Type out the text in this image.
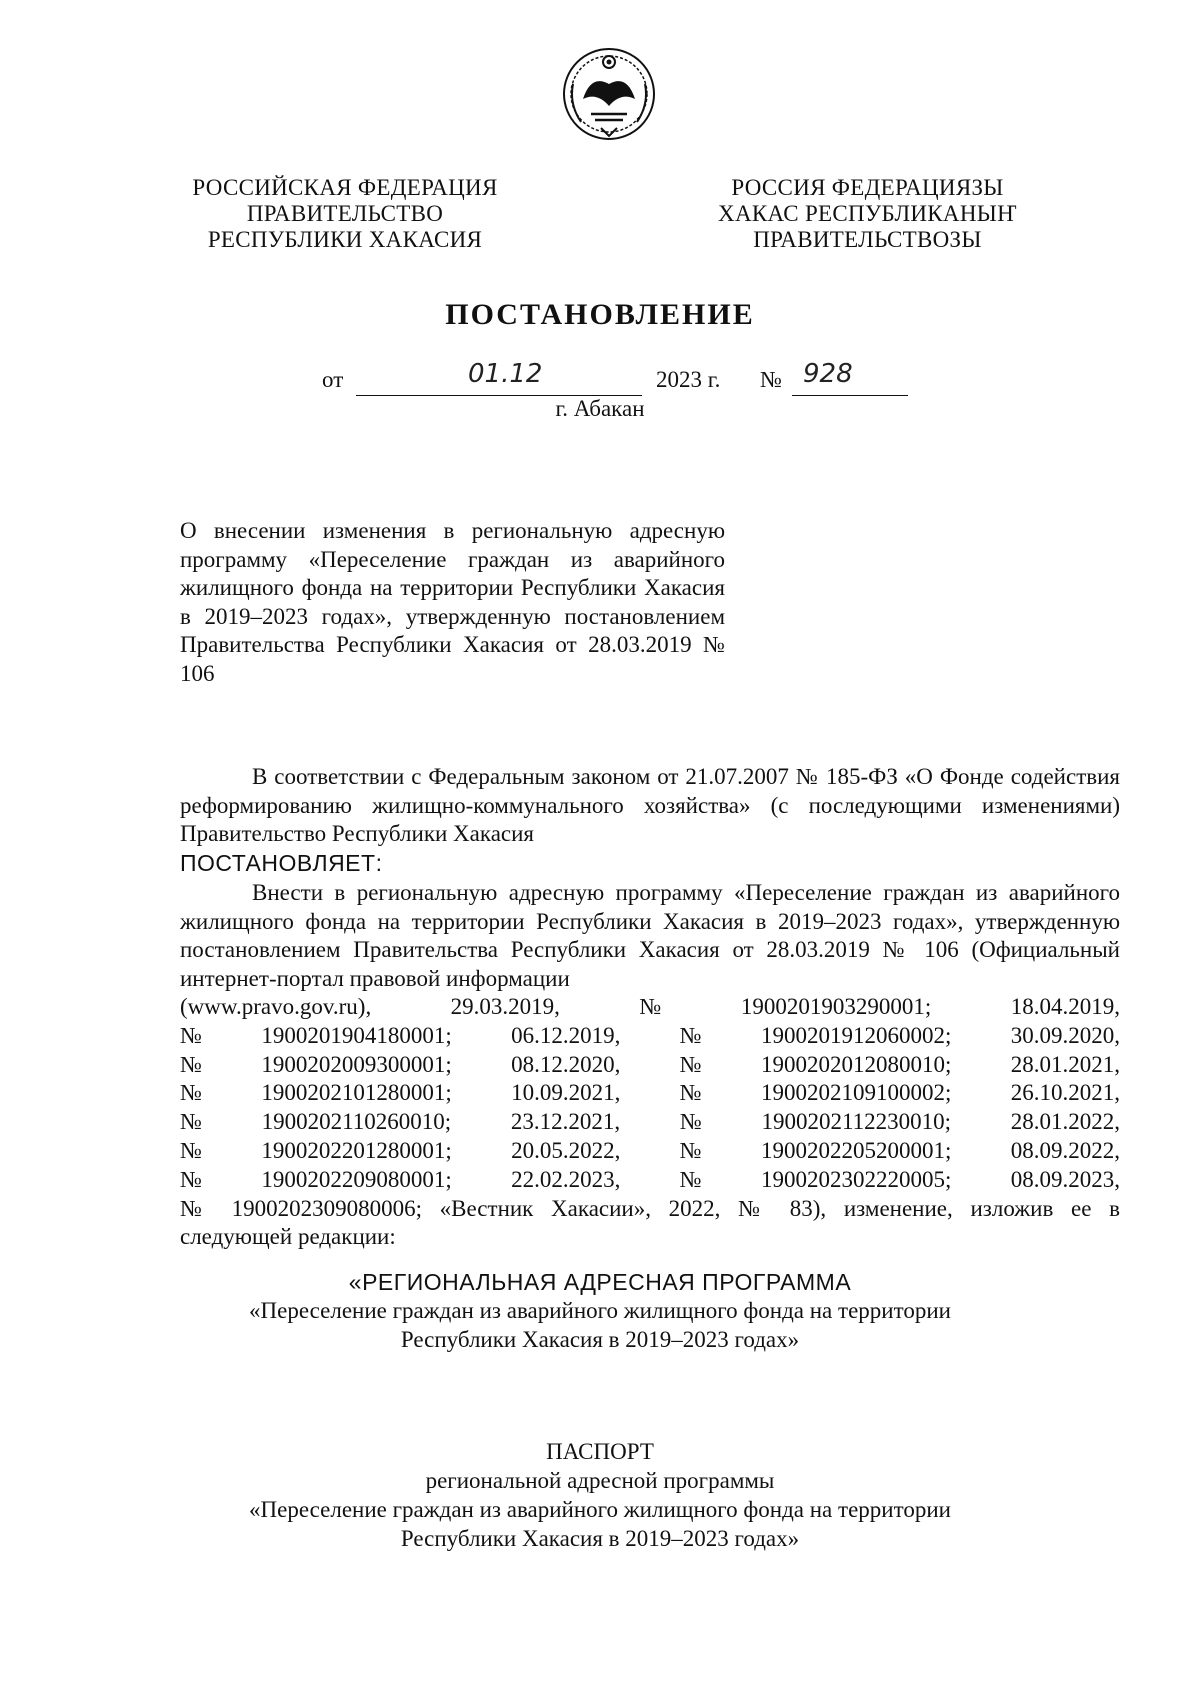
РОССИЙСКАЯ ФЕДЕРАЦИЯ
ПРАВИТЕЛЬСТВО
РЕСПУБЛИКИ ХАКАСИЯ
РОССИЯ ФЕДЕРАЦИЯЗЫ
ХАКАС РЕСПУБЛИКАНЫҤ
ПРАВИТЕЛЬСТВОЗЫ
ПОСТАНОВЛЕНИЕ
от	01.12	2023 г. № 928
г. Абакан
О внесении изменения в региональную адресную программу «Переселение граждан из аварийного жилищного фонда на территории Республики Хакасия в 2019–2023 годах», утвержденную постановлением Правительства Республики Хакасия от 28.03.2019 № 106

В соответствии с Федеральным законом от 21.07.2007 № 185-ФЗ «О Фонде содействия реформированию жилищно-коммунального хозяйства» (с последующими изменениями) Правительство Республики Хакасия

ПОСТАНОВЛЯЕТ:

Внести в региональную адресную программу «Переселение граждан из аварийного жилищного фонда на территории Республики Хакасия в 2019–2023 годах», утвержденную постановлением Правительства Республики Хакасия от 28.03.2019 № 106 (Официальный интернет-портал правовой информации

(www.pravo.gov.ru),	29.03.2019,	№	1900201903290001;	18.04.2019,
№	1900201904180001;	06.12.2019,	№	1900201912060002;	30.09.2020,
№	1900202009300001;	08.12.2020,	№	1900202012080010;	28.01.2021,
№	1900202101280001;	10.09.2021,	№	1900202109100002;	26.10.2021,
№	1900202110260010;	23.12.2021,	№	1900202112230010;	28.01.2022,
№	1900202201280001;	20.05.2022,	№	1900202205200001;	08.09.2022,
№	1900202209080001;	22.02.2023,	№	1900202302220005;	08.09.2023,
№ 1900202309080006; «Вестник Хакасии», 2022, № 83), изменение, изложив ее в
следующей редакции:
«РЕГИОНАЛЬНАЯ АДРЕСНАЯ ПРОГРАММА
«Переселение граждан из аварийного жилищного фонда на территории
Республики Хакасия в 2019–2023 годах»
ПАСПОРТ
региональной адресной программы
«Переселение граждан из аварийного жилищного фонда на территории
Республики Хакасия в 2019–2023 годах»
